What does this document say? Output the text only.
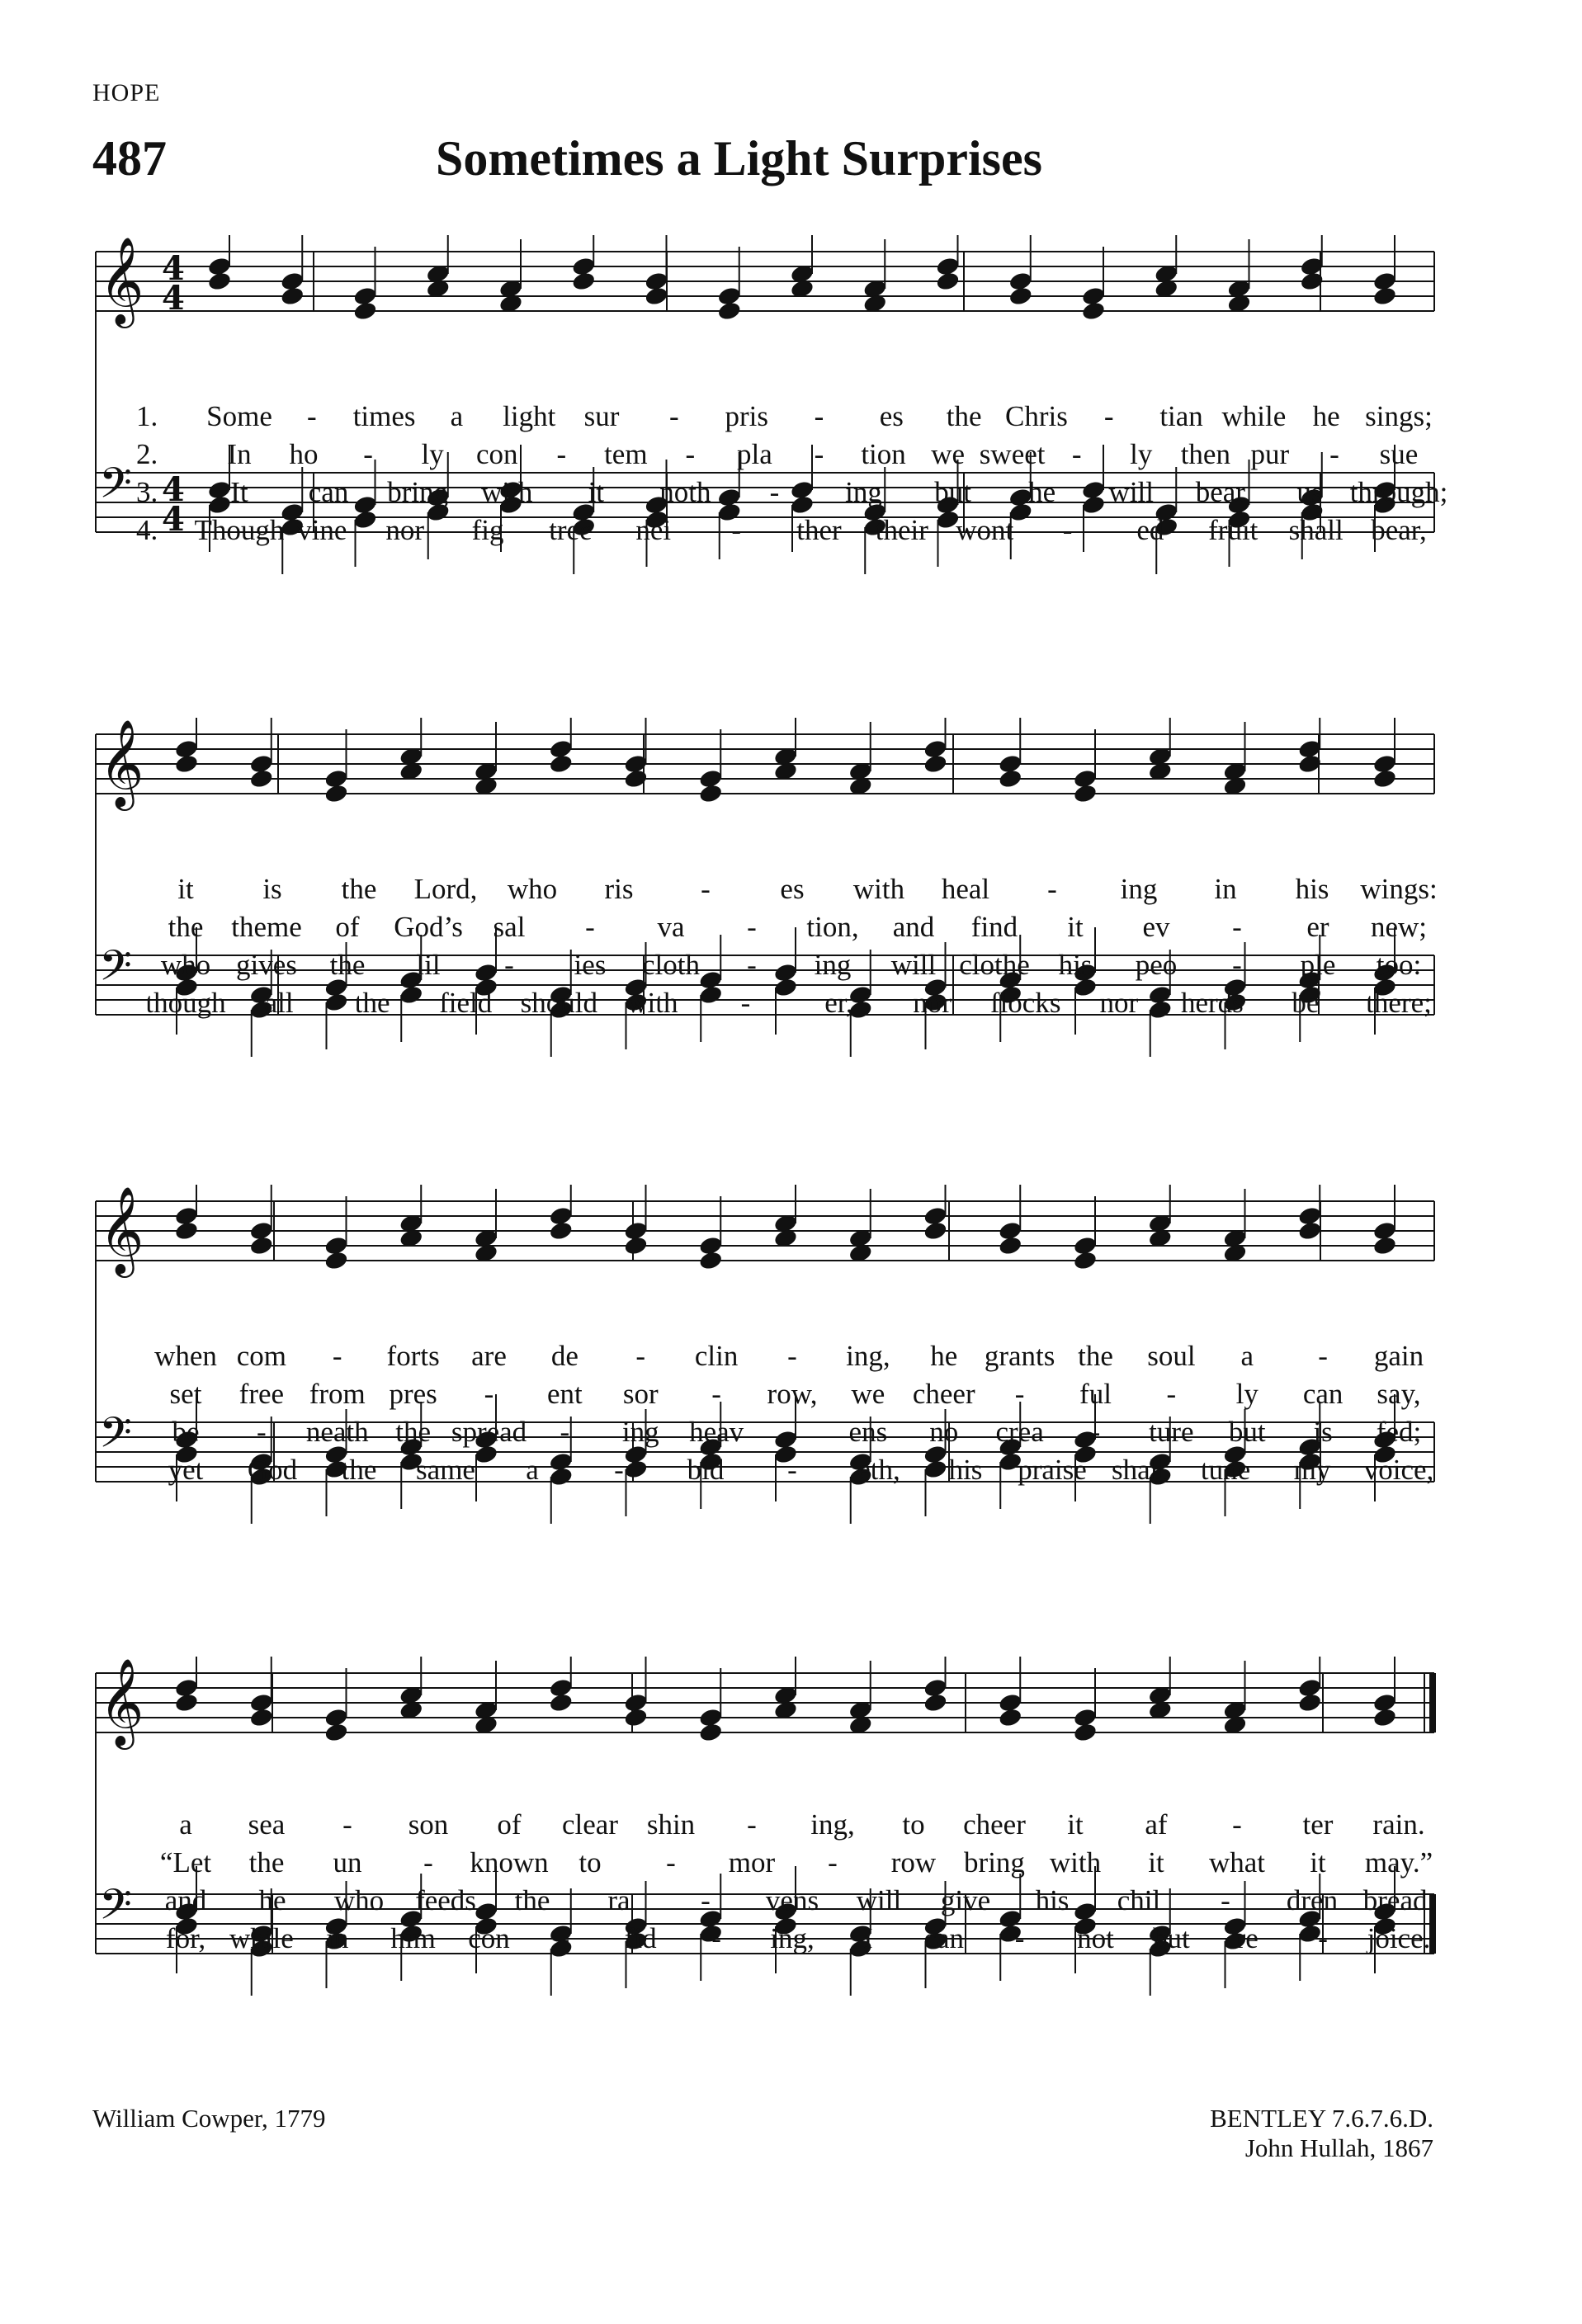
HOPE
487	Sometimes a Light Surprises
𝄞
𝄢
4
4
4
4
𝄞
𝄢
𝄞
𝄢
𝄞
𝄢
William Cowper, 1779	BENTLEY 7.6.7.6.D.
John Hullah, 1867
1. Some - times a light sur - pris - es the Chris - tian while he sings;
2. In ho - ly con - tem - pla - tion we sweet - ly then pur - sue
3.	It can bring with it noth - ing but he will bear us through;
4. Though vine nor fig tree nei - ther their wont - ed fruit shall bear,
it is the Lord, who ris - es with heal - ing in his wings:
the theme of God’s sal - va - tion, and find it ev - er new;
who gives the lil - ies cloth - ing will clothe his peo - ple too:
though all the field should with -	er, nor flocks nor herds be there;
when com - forts are de - clin - ing, he grants the soul a - gain
set free from pres - ent sor - row, we cheer - ful - ly can say,
be - neath the spread - ing heav - ens no crea - ture but is fed;
yet God the same a	- bid - eth, his praise shall tune my voice,
a sea - son of clear shin - ing, to cheer it af - ter rain.
“Let the un - known to - mor - row bring with it what it may.”
and he who feeds the ra - vens will give his chil - dren bread.
for, while in him con - fid - ing, I can - not but re - joice.
